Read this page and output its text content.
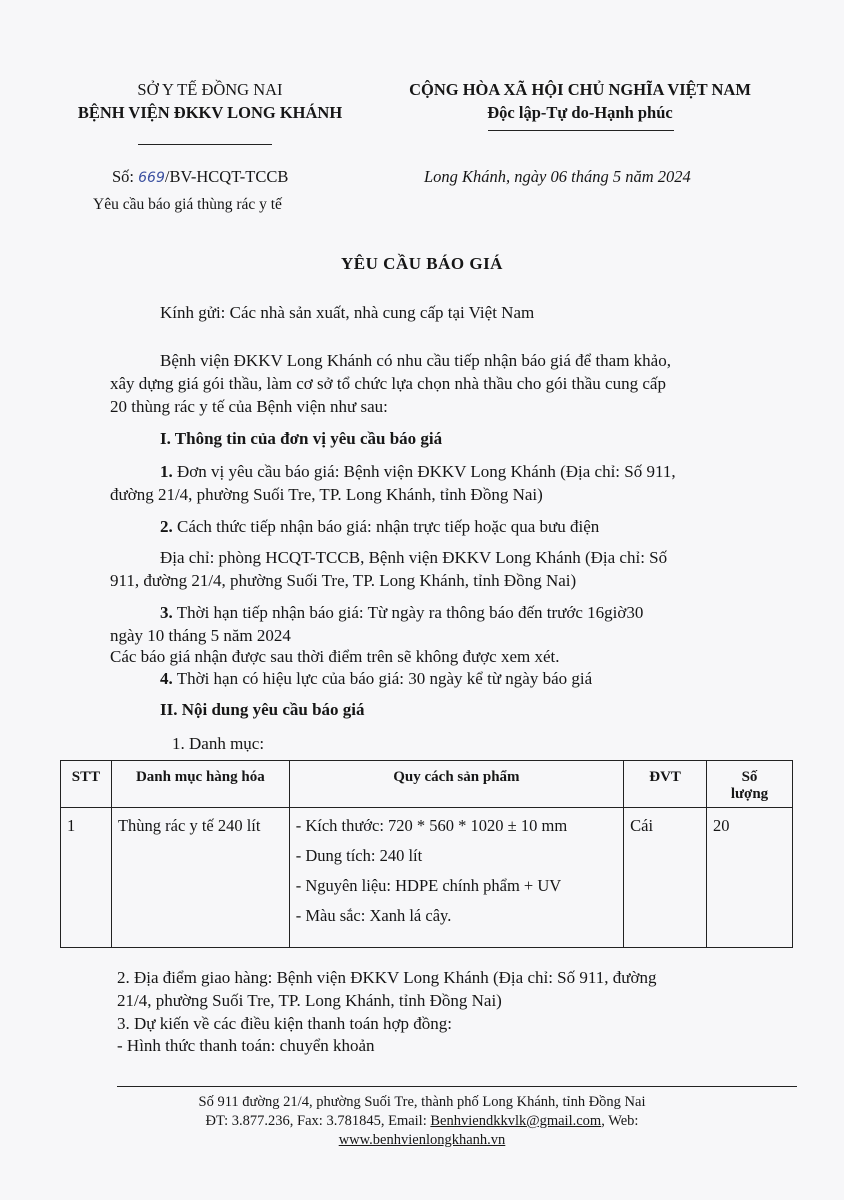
SỞ Y TẾ ĐỒNG NAI
BỆNH VIỆN ĐKKV LONG KHÁNH
CỘNG HÒA XÃ HỘI CHỦ NGHĨA VIỆT NAM
Độc lập-Tự do-Hạnh phúc
Số: 669/BV-HCQT-TCCB	Long Khánh, ngày 06 tháng 5 năm 2024
Yêu cầu báo giá thùng rác y tế
YÊU CẦU BÁO GIÁ
Kính gửi: Các nhà sản xuất, nhà cung cấp tại Việt Nam
Bệnh viện ĐKKV Long Khánh có nhu cầu tiếp nhận báo giá để tham khảo,
xây dựng giá gói thầu, làm cơ sở tổ chức lựa chọn nhà thầu cho gói thầu cung cấp
20 thùng rác y tế của Bệnh viện như sau:
I. Thông tin của đơn vị yêu cầu báo giá
1. Đơn vị yêu cầu báo giá: Bệnh viện ĐKKV Long Khánh (Địa chỉ: Số 911,
đường 21/4, phường Suối Tre, TP. Long Khánh, tỉnh Đồng Nai)
2. Cách thức tiếp nhận báo giá: nhận trực tiếp hoặc qua bưu điện
Địa chỉ: phòng HCQT-TCCB, Bệnh viện ĐKKV Long Khánh (Địa chỉ: Số
911, đường 21/4, phường Suối Tre, TP. Long Khánh, tỉnh Đồng Nai)
3. Thời hạn tiếp nhận báo giá: Từ ngày ra thông báo đến trước 16giờ30
ngày 10 tháng 5 năm 2024
Các báo giá nhận được sau thời điểm trên sẽ không được xem xét.
4. Thời hạn có hiệu lực của báo giá: 30 ngày kể từ ngày báo giá
II. Nội dung yêu cầu báo giá
1. Danh mục:
STT	Danh mục hàng hóa	Quy cách sản phẩm	ĐVT	Số
lượng

1	Thùng rác y tế 240 lít	- Kích thước: 720 * 560 * 1020 ± 10 mm
- Dung tích: 240 lít
- Nguyên liệu: HDPE chính phẩm + UV
- Màu sắc: Xanh lá cây.	Cái	20
2. Địa điểm giao hàng: Bệnh viện ĐKKV Long Khánh (Địa chỉ: Số 911, đường
21/4, phường Suối Tre, TP. Long Khánh, tỉnh Đồng Nai)
3. Dự kiến về các điều kiện thanh toán hợp đồng:
- Hình thức thanh toán: chuyển khoản
Số 911 đường 21/4, phường Suối Tre, thành phố Long Khánh, tỉnh Đồng Nai
ĐT: 3.877.236, Fax: 3.781845, Email: Benhviendkkvlk@gmail.com, Web:
www.benhvienlongkhanh.vn
